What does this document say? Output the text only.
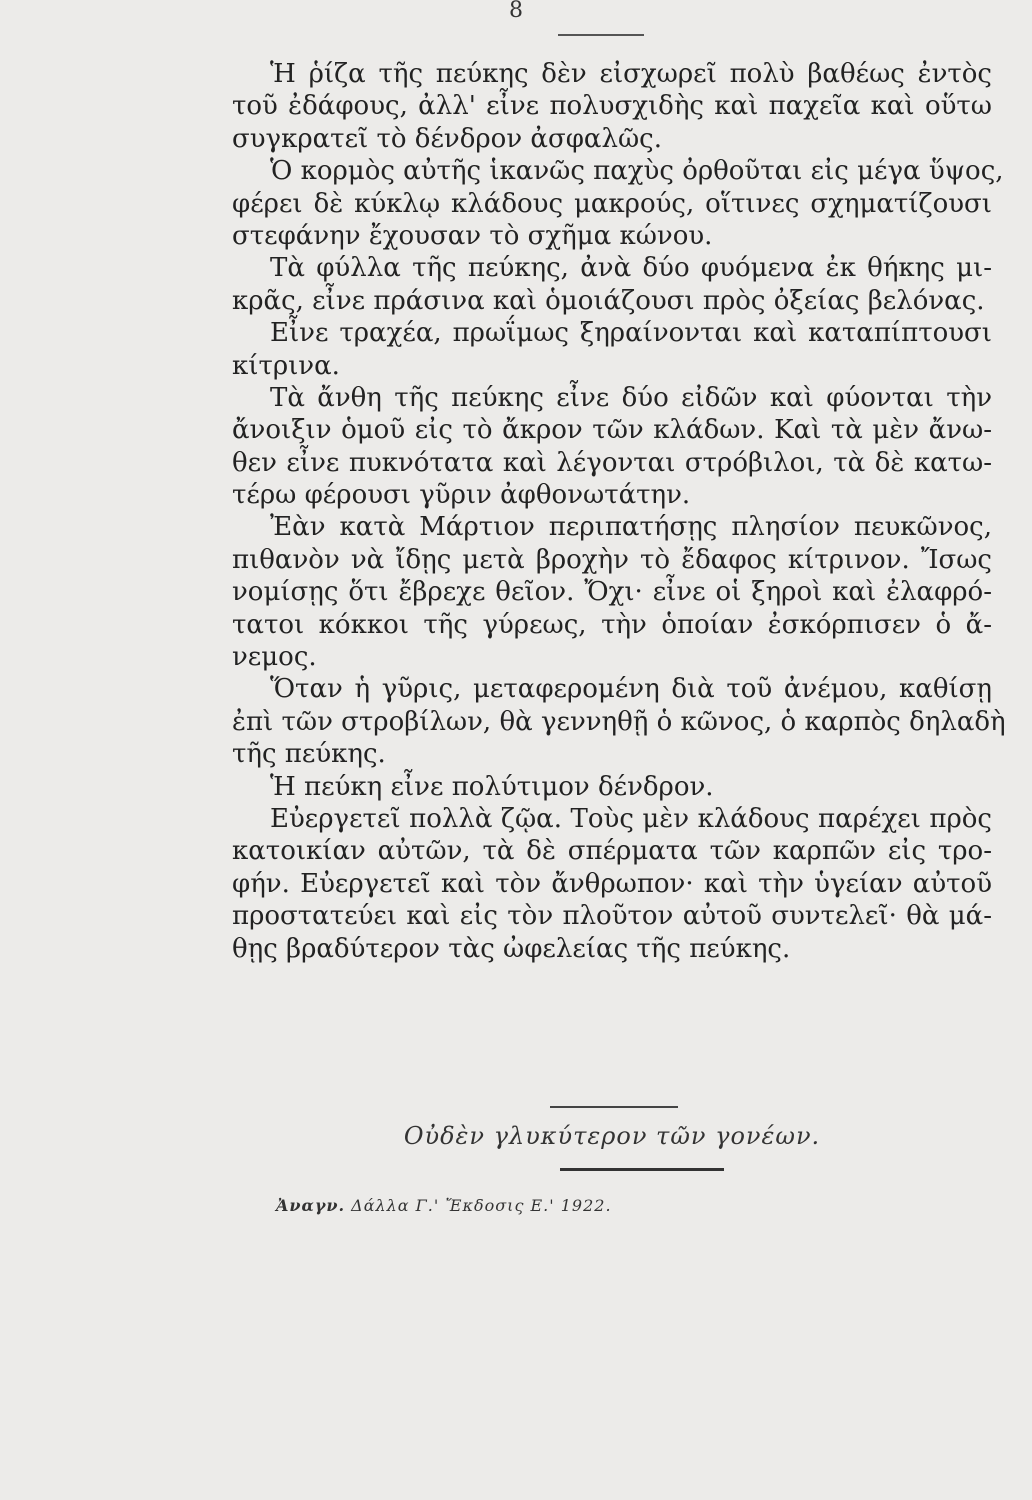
8
Ἡ ῥίζα τῆς πεύκης δὲν εἰσχωρεῖ πολὺ βαθέως ἐντὸς
τοῦ ἐδάφους, ἀλλ' εἶνε πολυσχιδὴς καὶ παχεῖα καὶ οὕτω
συγκρατεῖ τὸ δένδρον ἀσφαλῶς.
Ὁ κορμὸς αὐτῆς ἱκανῶς παχὺς ὀρθοῦται εἰς μέγα ὕψος,
φέρει δὲ κύκλῳ κλάδους μακρούς, οἵτινες σχηματίζουσι
στεφάνην ἔχουσαν τὸ σχῆμα κώνου.
Τὰ φύλλα τῆς πεύκης, ἀνὰ δύο φυόμενα ἐκ θήκης μι-
κρᾶς, εἶνε πράσινα καὶ ὁμοιάζουσι πρὸς ὀξείας βελόνας.
Εἶνε τραχέα, πρωΐμως ξηραίνονται καὶ καταπίπτουσι
κίτρινα.
Τὰ ἄνθη τῆς πεύκης εἶνε δύο εἰδῶν καὶ φύονται τὴν
ἄνοιξιν ὁμοῦ εἰς τὸ ἄκρον τῶν κλάδων. Καὶ τὰ μὲν ἄνω-
θεν εἶνε πυκνότατα καὶ λέγονται στρόβιλοι, τὰ δὲ κατω-
τέρω φέρουσι γῦριν ἀφθονωτάτην.
Ἐὰν κατὰ Μάρτιον περιπατήσῃς πλησίον πευκῶνος,
πιθανὸν νὰ ἴδῃς μετὰ βροχὴν τὸ ἔδαφος κίτρινον. Ἴσως
νομίσῃς ὅτι ἔβρεχε θεῖον. Ὄχι· εἶνε οἱ ξηροὶ καὶ ἐλαφρό-
τατοι κόκκοι τῆς γύρεως, τὴν ὁποίαν ἐσκόρπισεν ὁ ἄ-
νεμος.
Ὅταν ἡ γῦρις, μεταφερομένη διὰ τοῦ ἀνέμου, καθίσῃ
ἐπὶ τῶν στροβίλων, θὰ γεννηθῇ ὁ κῶνος, ὁ καρπὸς δηλαδὴ
τῆς πεύκης.
Ἡ πεύκη εἶνε πολύτιμον δένδρον.
Εὐεργετεῖ πολλὰ ζῷα. Τοὺς μὲν κλάδους παρέχει πρὸς
κατοικίαν αὐτῶν, τὰ δὲ σπέρματα τῶν καρπῶν εἰς τρο-
φήν. Εὐεργετεῖ καὶ τὸν ἄνθρωπον· καὶ τὴν ὑγείαν αὐτοῦ
προστατεύει καὶ εἰς τὸν πλοῦτον αὐτοῦ συντελεῖ· θὰ μά-
θῃς βραδύτερον τὰς ὠφελείας τῆς πεύκης.
Οὐδὲν γλυκύτερον τῶν γονέων.
Ἀναγν. Δάλλα Γ.' Ἔκδοσις Ε.' 1922.
